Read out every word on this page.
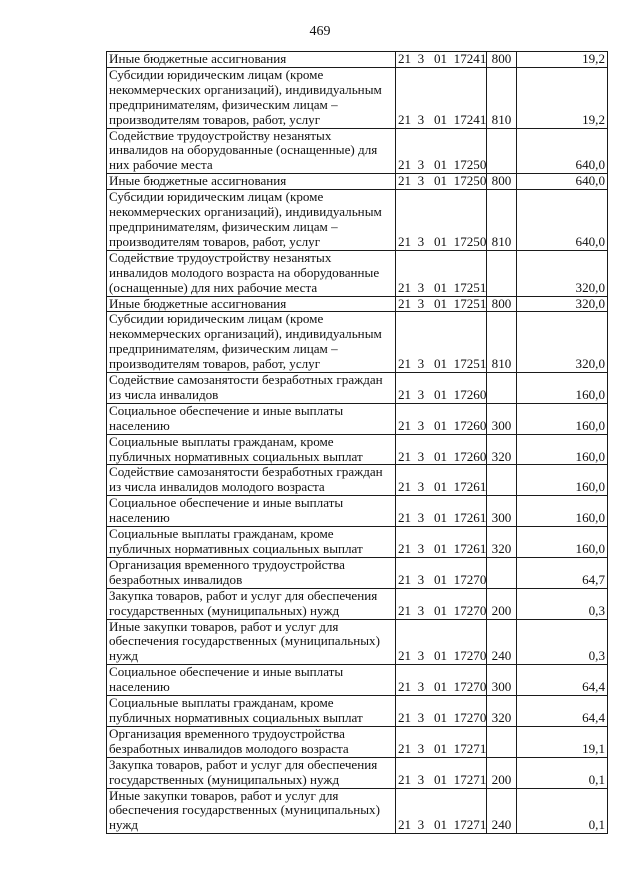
469
Иные бюджетные ассигнования	21  3   01  17241	800	19,2
Субсидии юридическим лицам (кроме некоммерческих организаций), индивидуальным предпринимателям, физическим лицам – производителям товаров, работ, услуг	21  3   01  17241	810	19,2
Содействие трудоустройству незанятых инвалидов на оборудованные (оснащенные) для них рабочие места	21  3   01  17250		640,0
Иные бюджетные ассигнования	21  3   01  17250	800	640,0
Субсидии юридическим лицам (кроме некоммерческих организаций), индивидуальным предпринимателям, физическим лицам – производителям товаров, работ, услуг	21  3   01  17250	810	640,0
Содействие трудоустройству незанятых инвалидов молодого возраста на оборудованные (оснащенные) для них рабочие места	21  3   01  17251		320,0
Иные бюджетные ассигнования	21  3   01  17251	800	320,0
Субсидии юридическим лицам (кроме некоммерческих организаций), индивидуальным предпринимателям, физическим лицам – производителям товаров, работ, услуг	21  3   01  17251	810	320,0
Содействие самозанятости безработных граждан из числа инвалидов	21  3   01  17260		160,0
Социальное обеспечение и иные выплаты населению	21  3   01  17260	300	160,0
Социальные выплаты гражданам, кроме публичных нормативных социальных выплат	21  3   01  17260	320	160,0
Содействие самозанятости безработных граждан из числа инвалидов молодого возраста	21  3   01  17261		160,0
Социальное обеспечение и иные выплаты населению	21  3   01  17261	300	160,0
Социальные выплаты гражданам, кроме публичных нормативных социальных выплат	21  3   01  17261	320	160,0
Организация временного трудоустройства безработных инвалидов	21  3   01  17270		64,7
Закупка товаров, работ и услуг для обеспечения государственных (муниципальных) нужд	21  3   01  17270	200	0,3
Иные закупки товаров, работ и услуг для обеспечения государственных (муниципальных) нужд	21  3   01  17270	240	0,3
Социальное обеспечение и иные выплаты населению	21  3   01  17270	300	64,4
Социальные выплаты гражданам, кроме публичных нормативных социальных выплат	21  3   01  17270	320	64,4
Организация временного трудоустройства безработных инвалидов молодого возраста	21  3   01  17271		19,1
Закупка товаров, работ и услуг для обеспечения государственных (муниципальных) нужд	21  3   01  17271	200	0,1
Иные закупки товаров, работ и услуг для обеспечения государственных (муниципальных) нужд	21  3   01  17271	240	0,1
